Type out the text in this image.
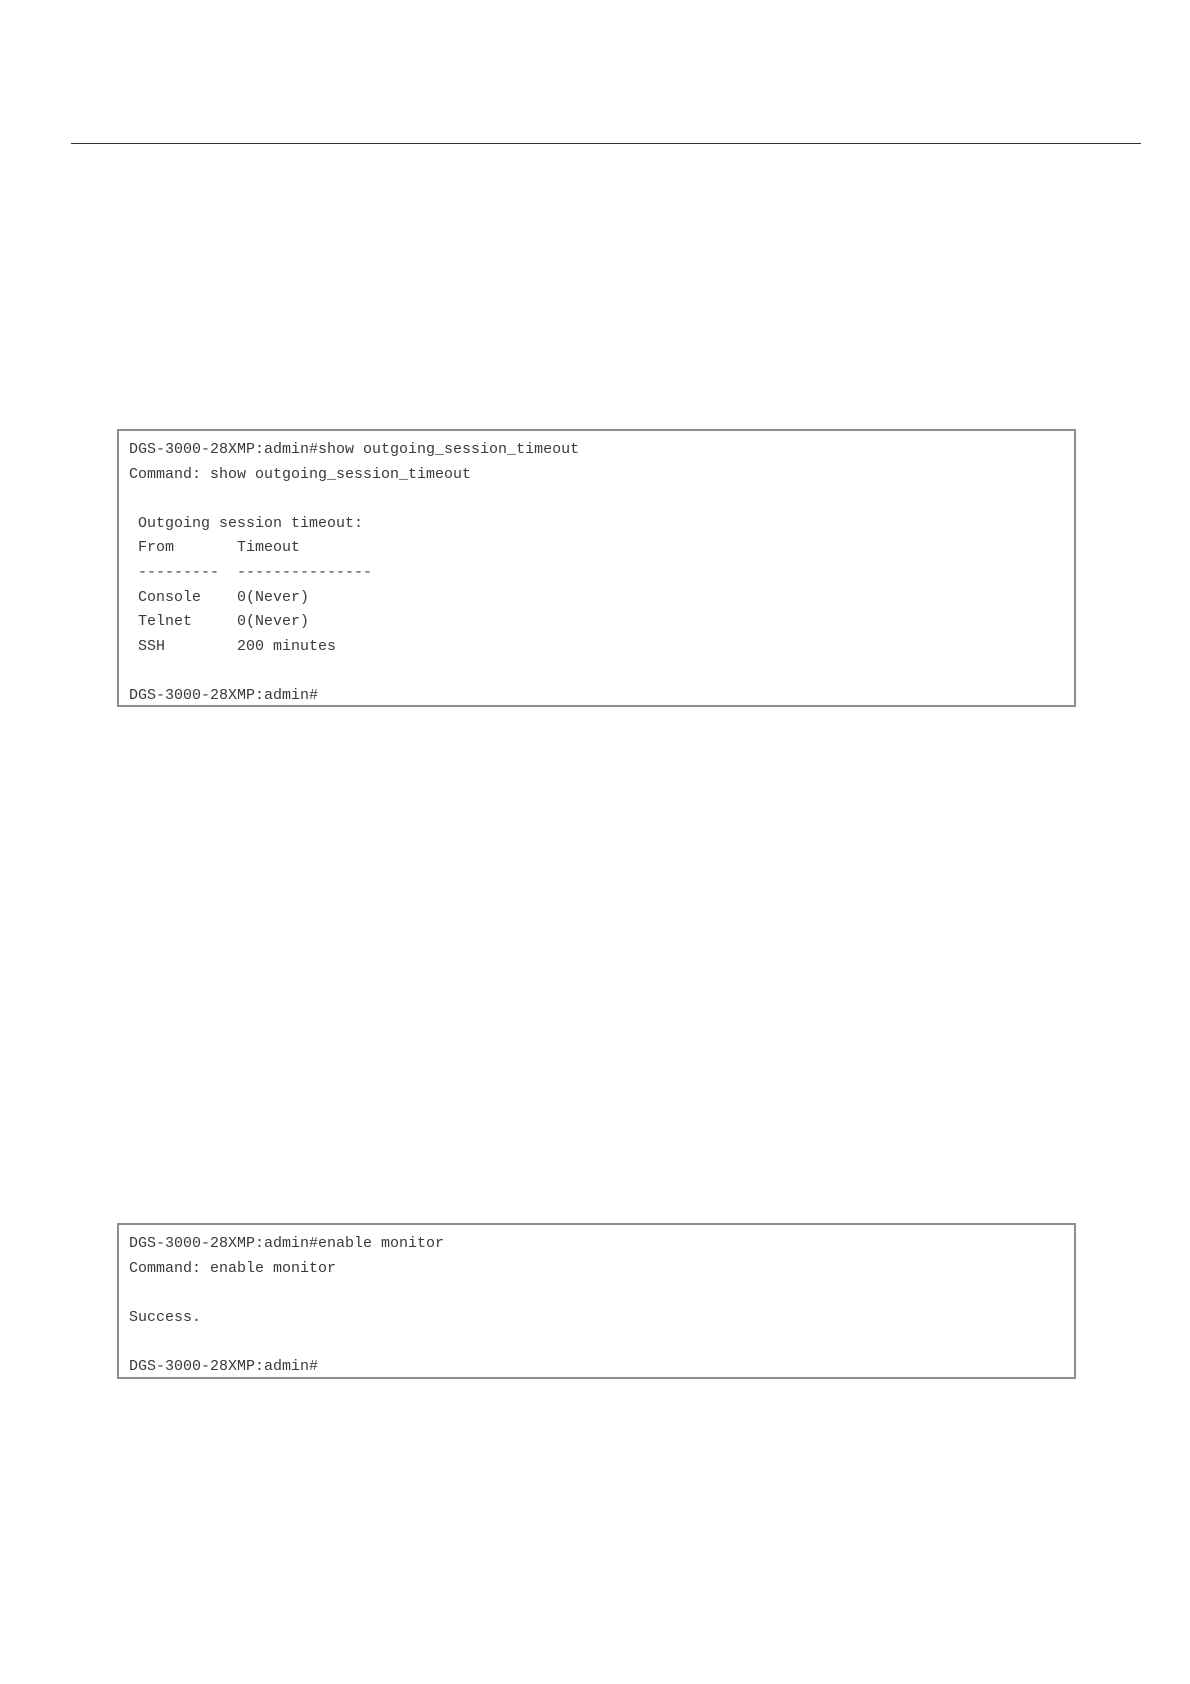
DGS-3000-28XMP:admin#show outgoing_session_timeout
Command: show outgoing_session_timeout
Outgoing session timeout:
From       Timeout
---------  ---------------
Console    0(Never)
Telnet     0(Never)
SSH        200 minutes
DGS-3000-28XMP:admin#
DGS-3000-28XMP:admin#enable monitor
Command: enable monitor
Success.
DGS-3000-28XMP:admin#
